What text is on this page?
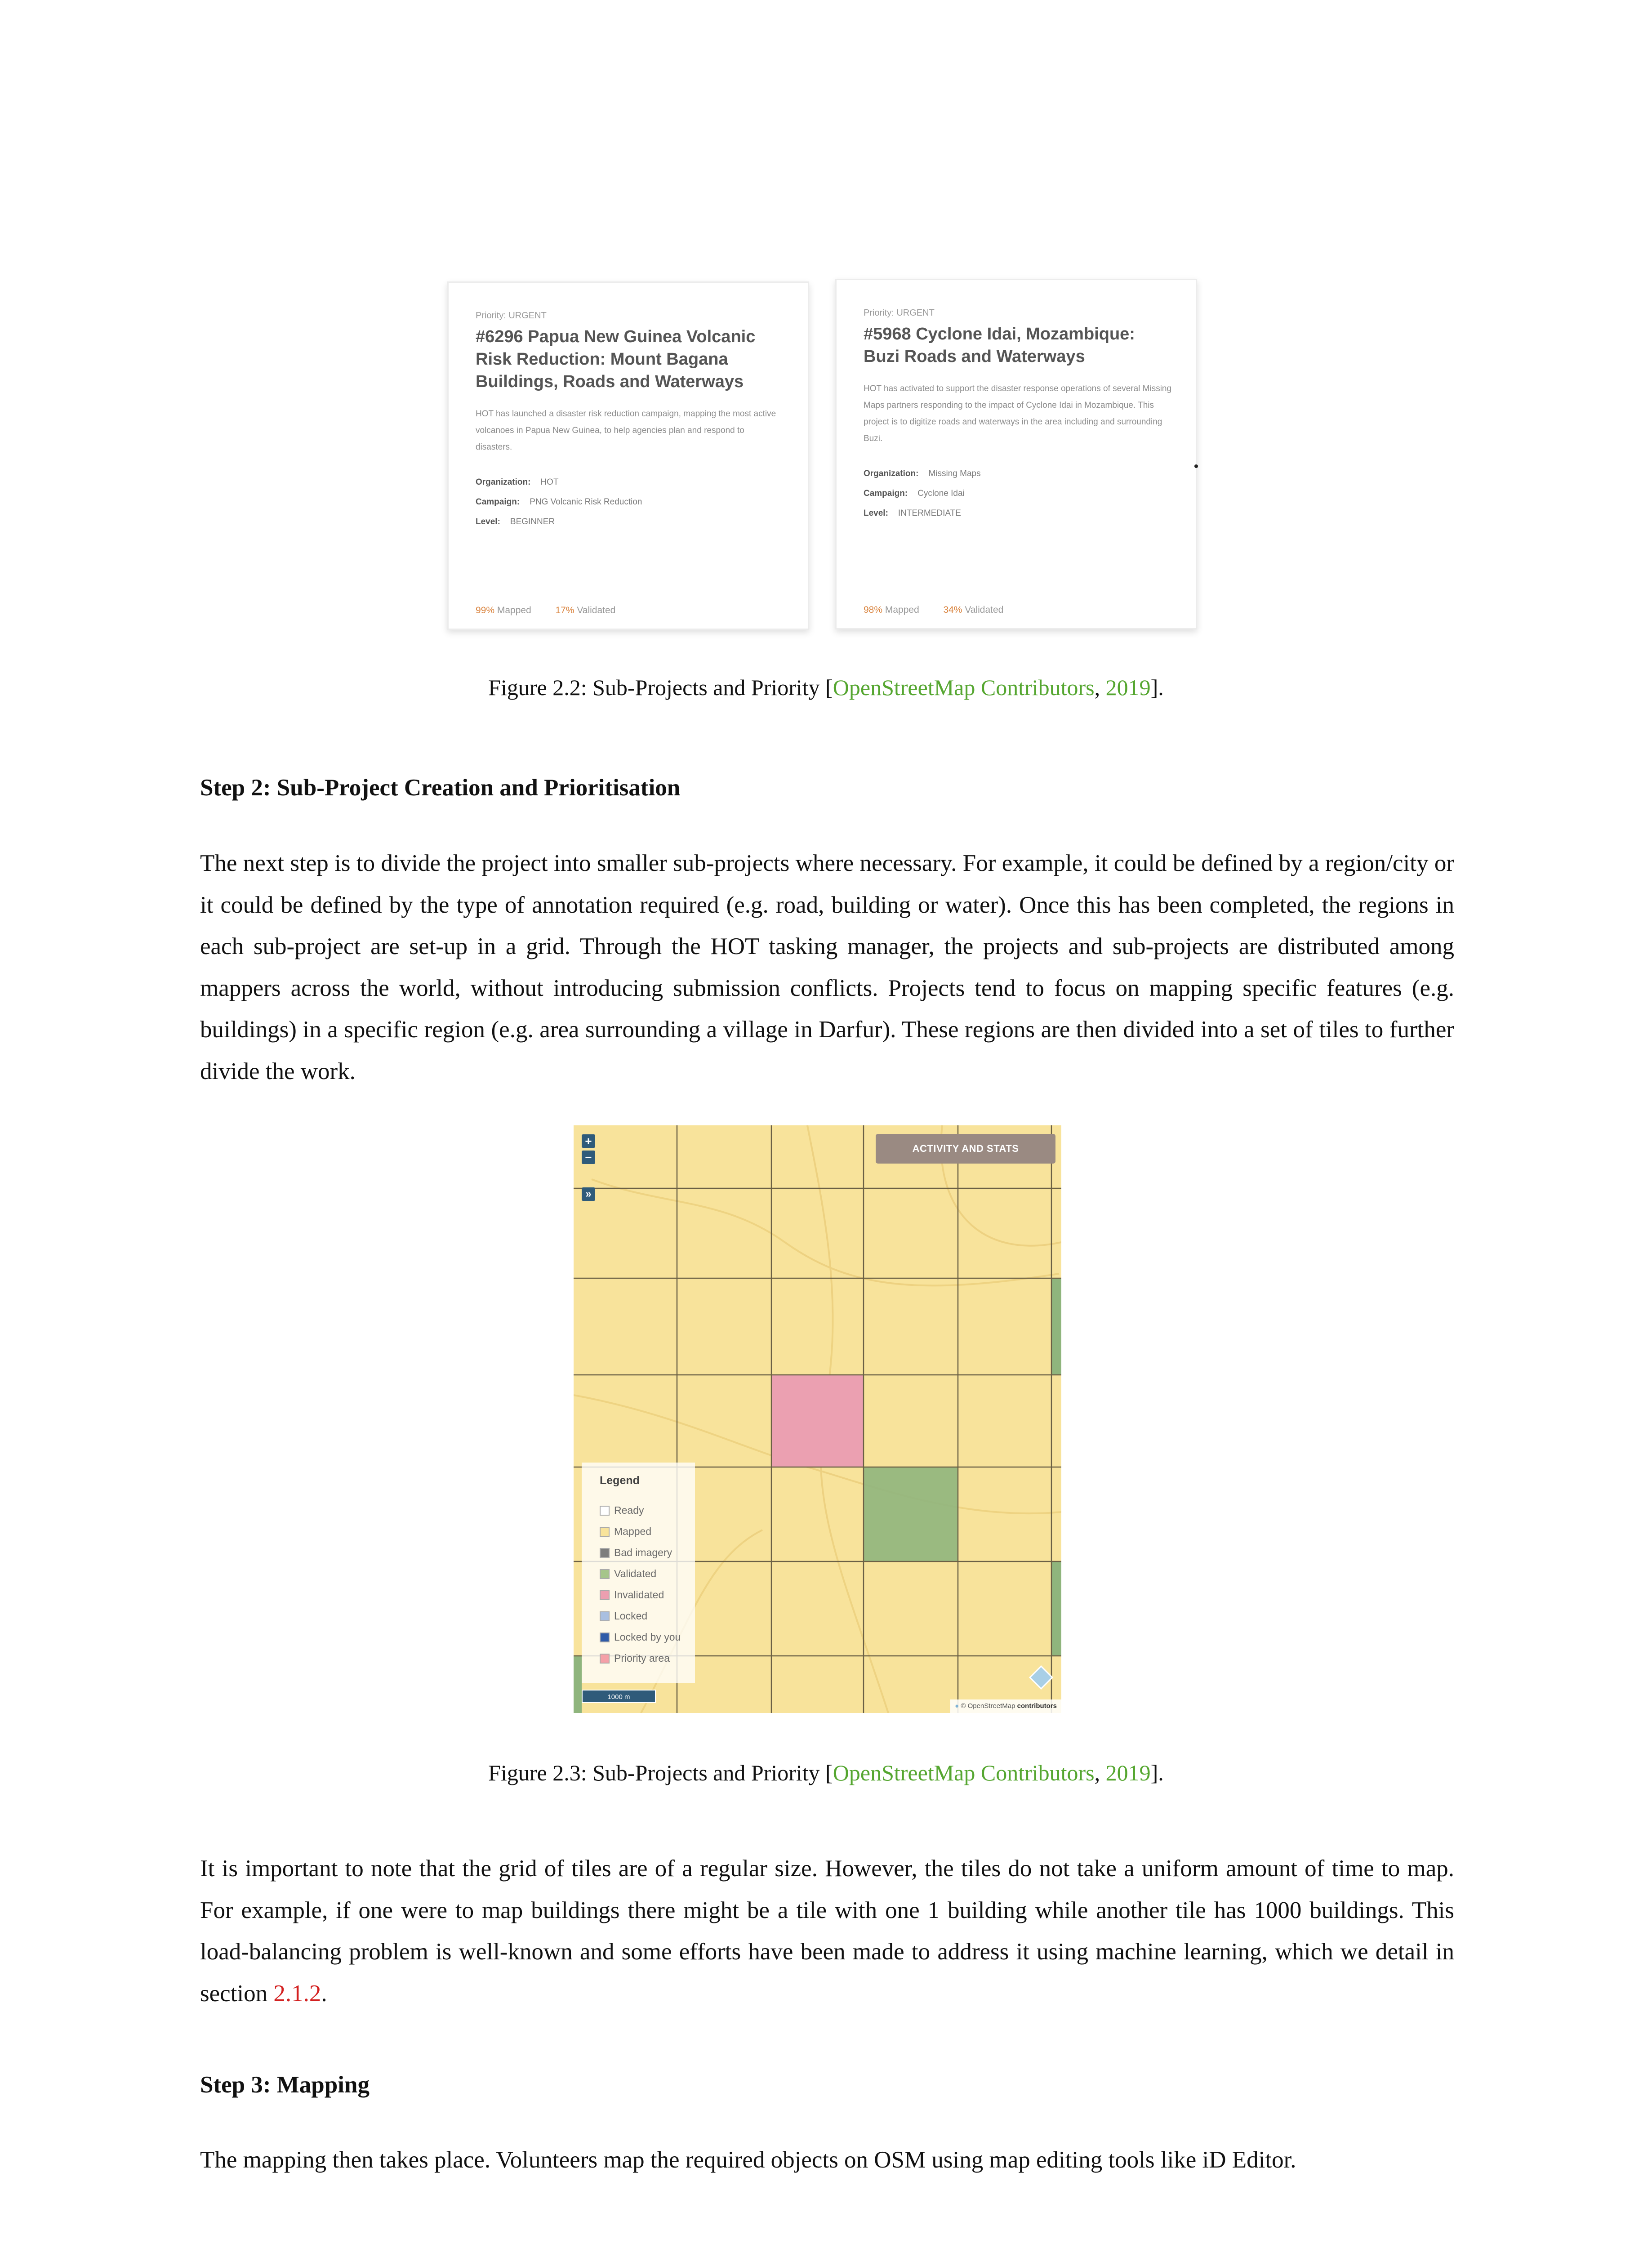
Priority: URGENT
#6296 Papua New Guinea Volcanic Risk Reduction: Mount Bagana Buildings, Roads and Waterways
HOT has launched a disaster risk reduction campaign, mapping the most active volcanoes in Papua New Guinea, to help agencies plan and respond to disasters.
Organization: HOT
Campaign: PNG Volcanic Risk Reduction
Level: BEGINNER
99% Mapped	17% Validated
Priority: URGENT
#5968 Cyclone Idai, Mozambique: Buzi Roads and Waterways
HOT has activated to support the disaster response operations of several Missing Maps partners responding to the impact of Cyclone Idai in Mozambique. This project is to digitize roads and waterways in the area including and surrounding Buzi.
Organization: Missing Maps
Campaign: Cyclone Idai
Level: INTERMEDIATE
98% Mapped	34% Validated
Figure 2.2: Sub-Projects and Priority [OpenStreetMap Contributors, 2019].
Step 2: Sub-Project Creation and Prioritisation
The next step is to divide the project into smaller sub-projects where necessary. For example, it could be defined by a region/city or it could be defined by the type of annotation required (e.g. road, building or water). Once this has been completed, the regions in each sub-project are set-up in a grid. Through the HOT tasking manager, the projects and sub-projects are distributed among mappers across the world, without introducing submission conflicts. Projects tend to focus on mapping specific features (e.g. buildings) in a specific region (e.g. area surrounding a village in Darfur). These regions are then divided into a set of tiles to further divide the work.
+
−
»
ACTIVITY AND STATS
Legend
Ready
Mapped
Bad imagery
Validated
Invalidated
Locked
Locked by you
Priority area
1000 m
● © OpenStreetMap contributors
Figure 2.3: Sub-Projects and Priority [OpenStreetMap Contributors, 2019].
It is important to note that the grid of tiles are of a regular size. However, the tiles do not take a uniform amount of time to map. For example, if one were to map buildings there might be a tile with one 1 building while another tile has 1000 buildings. This load-balancing problem is well-known and some efforts have been made to address it using machine learning, which we detail in section 2.1.2.
Step 3: Mapping
The mapping then takes place. Volunteers map the required objects on OSM using map editing tools like iD Editor.
